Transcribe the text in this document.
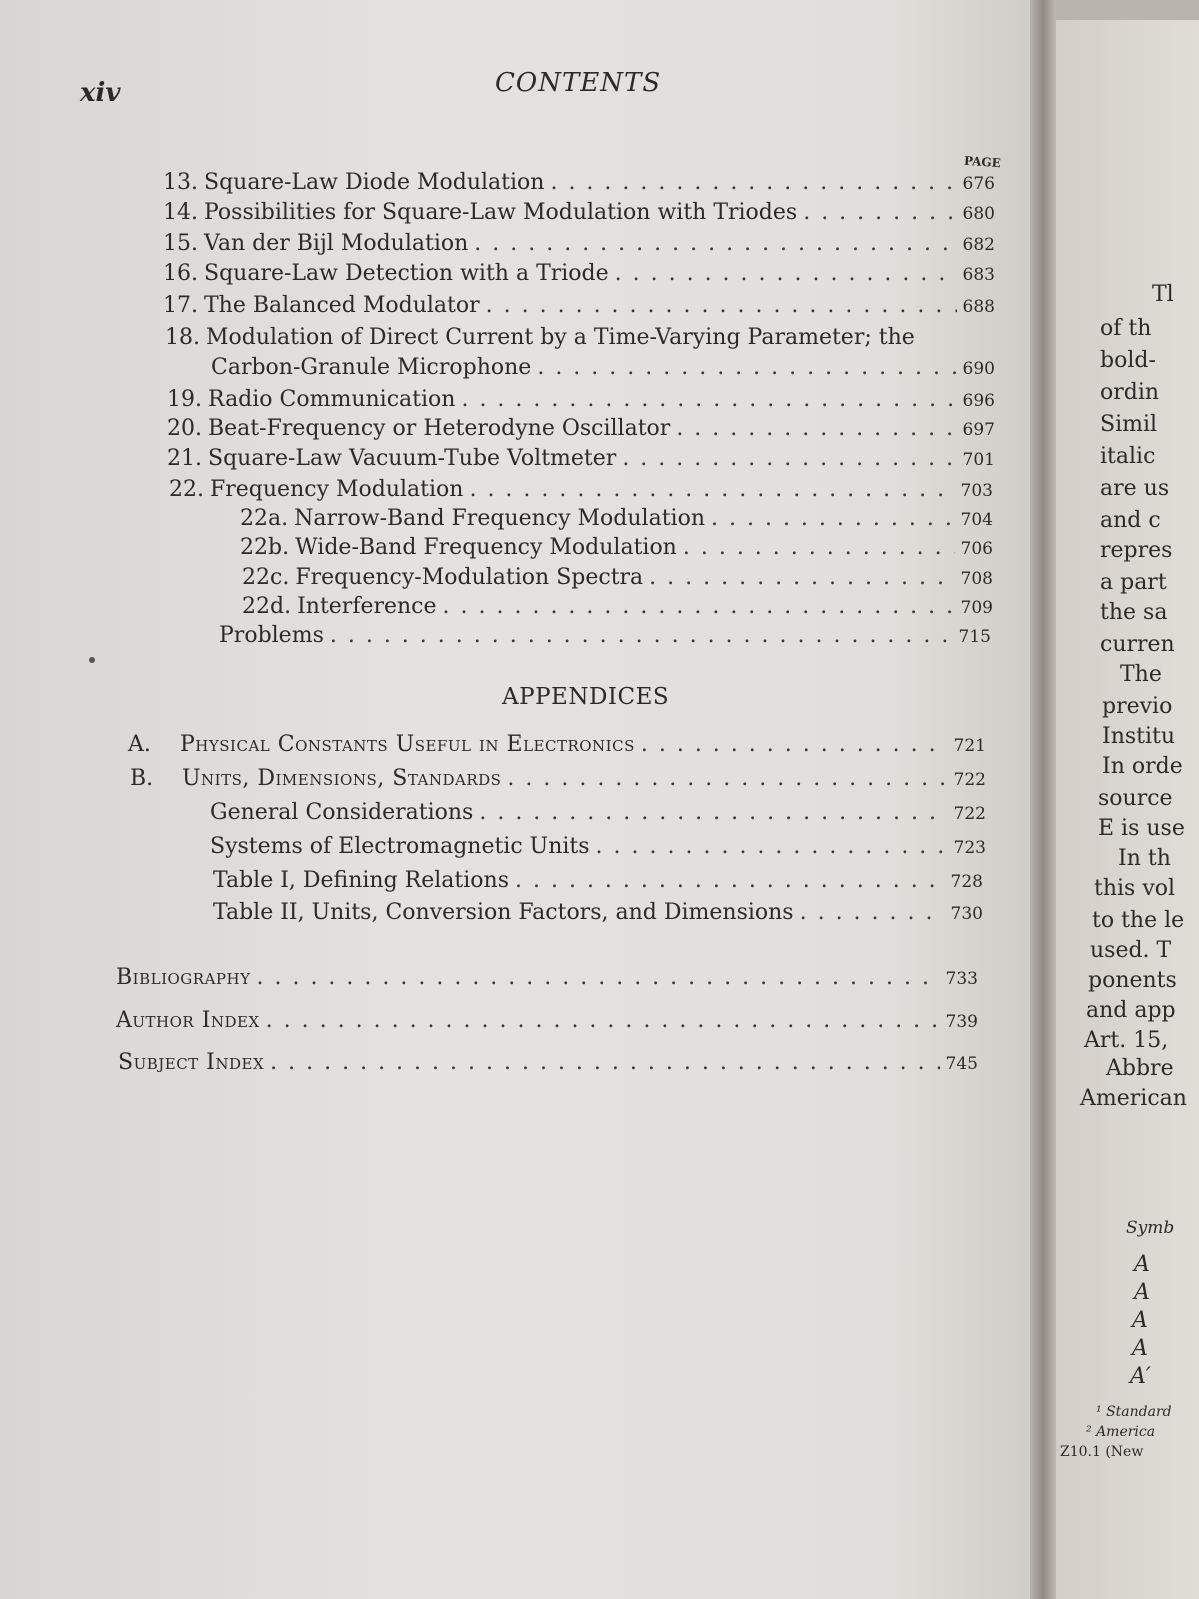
xiv	CONTENTS
PAGE
13. Square-Law Diode Modulation . . .	676
14. Possibilities for Square-Law Modulation with Triodes . . .	680
15. Van der Bijl Modulation . . .	682
16. Square-Law Detection with a Triode . . .	683
17. The Balanced Modulator . . .	688
18. Modulation of Direct Current by a Time-Varying Parameter; the
Carbon-Granule Microphone . . .	690
19. Radio Communication . . .	696
20. Beat-Frequency or Heterodyne Oscillator . . .	697
21. Square-Law Vacuum-Tube Voltmeter . . .	701
22. Frequency Modulation . . .	703
22a. Narrow-Band Frequency Modulation . . .	704
22b. Wide-Band Frequency Modulation . . .	706
22c. Frequency-Modulation Spectra . . .	708
22d. Interference . . .	709
Problems . . .	715
APPENDICES
A.	Physical Constants Useful in Electronics . . .	721
B.	Units, Dimensions, Standards . . .	722
General Considerations . . .	722
Systems of Electromagnetic Units . . .	723
Table I, Defining Relations . . .	728
Table II, Units, Conversion Factors, and Dimensions . . .	730
Bibliography . . .	733
Author Index . . .	739
Subject Index . . .	745
Tl
of th
bold-
ordin
Simil
italic
are us
and c
repres
a part
the sa
curren
The
previo
Institu
In orde
source
E is use
In th
this vol
to the le
used. T
ponents
and app
Art. 15,
Abbre
American
Symb
A
A
A
A
A′
¹ Standard
² America
Z10.1 (New
